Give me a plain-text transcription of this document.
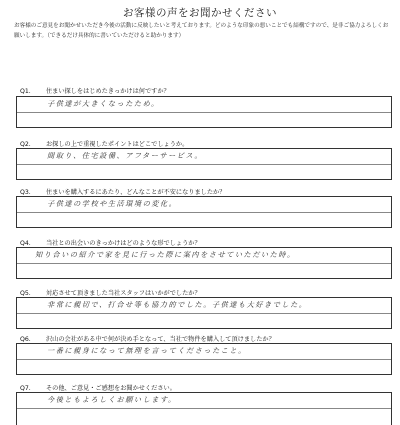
お客様の声をお聞かせください
お客様のご意見をお聞かせいただき今後の活動に反映したいと考えております。どのような印象の悪いことでも結構ですので、是非ご協力よろしくお願いします。（できるだけ具体的に書いていただけると助かります）
Q1. 住まい探しをはじめたきっかけは何ですか？
子供達が大きくなったため。
Q2. お探しの上で重視したポイントはどこでしょうか。
間取り、住宅設備、アフターサービス。
Q3. 住まいを購入するにあたり、どんなことが不安になりましたか？
子供達の学校や生活環境の変化。
Q4. 当社との出会いのきっかけはどのような形でしょうか？
知り合いの紹介で家を見に行った際に案内をさせていただいた時。
Q5. 対応させて頂きました当社スタッフはいかがでしたか？
非常に親切で、打合せ等も協力的でした。子供達も大好きでした。
Q6. 沢山の会社がある中で何が決め手となって、当社で物件を購入して頂けましたか？
一番に親身になって無理を言ってくださったこと。
Q7. その他、ご意見・ご感想をお聞かせください。
今後ともよろしくお願いします。
